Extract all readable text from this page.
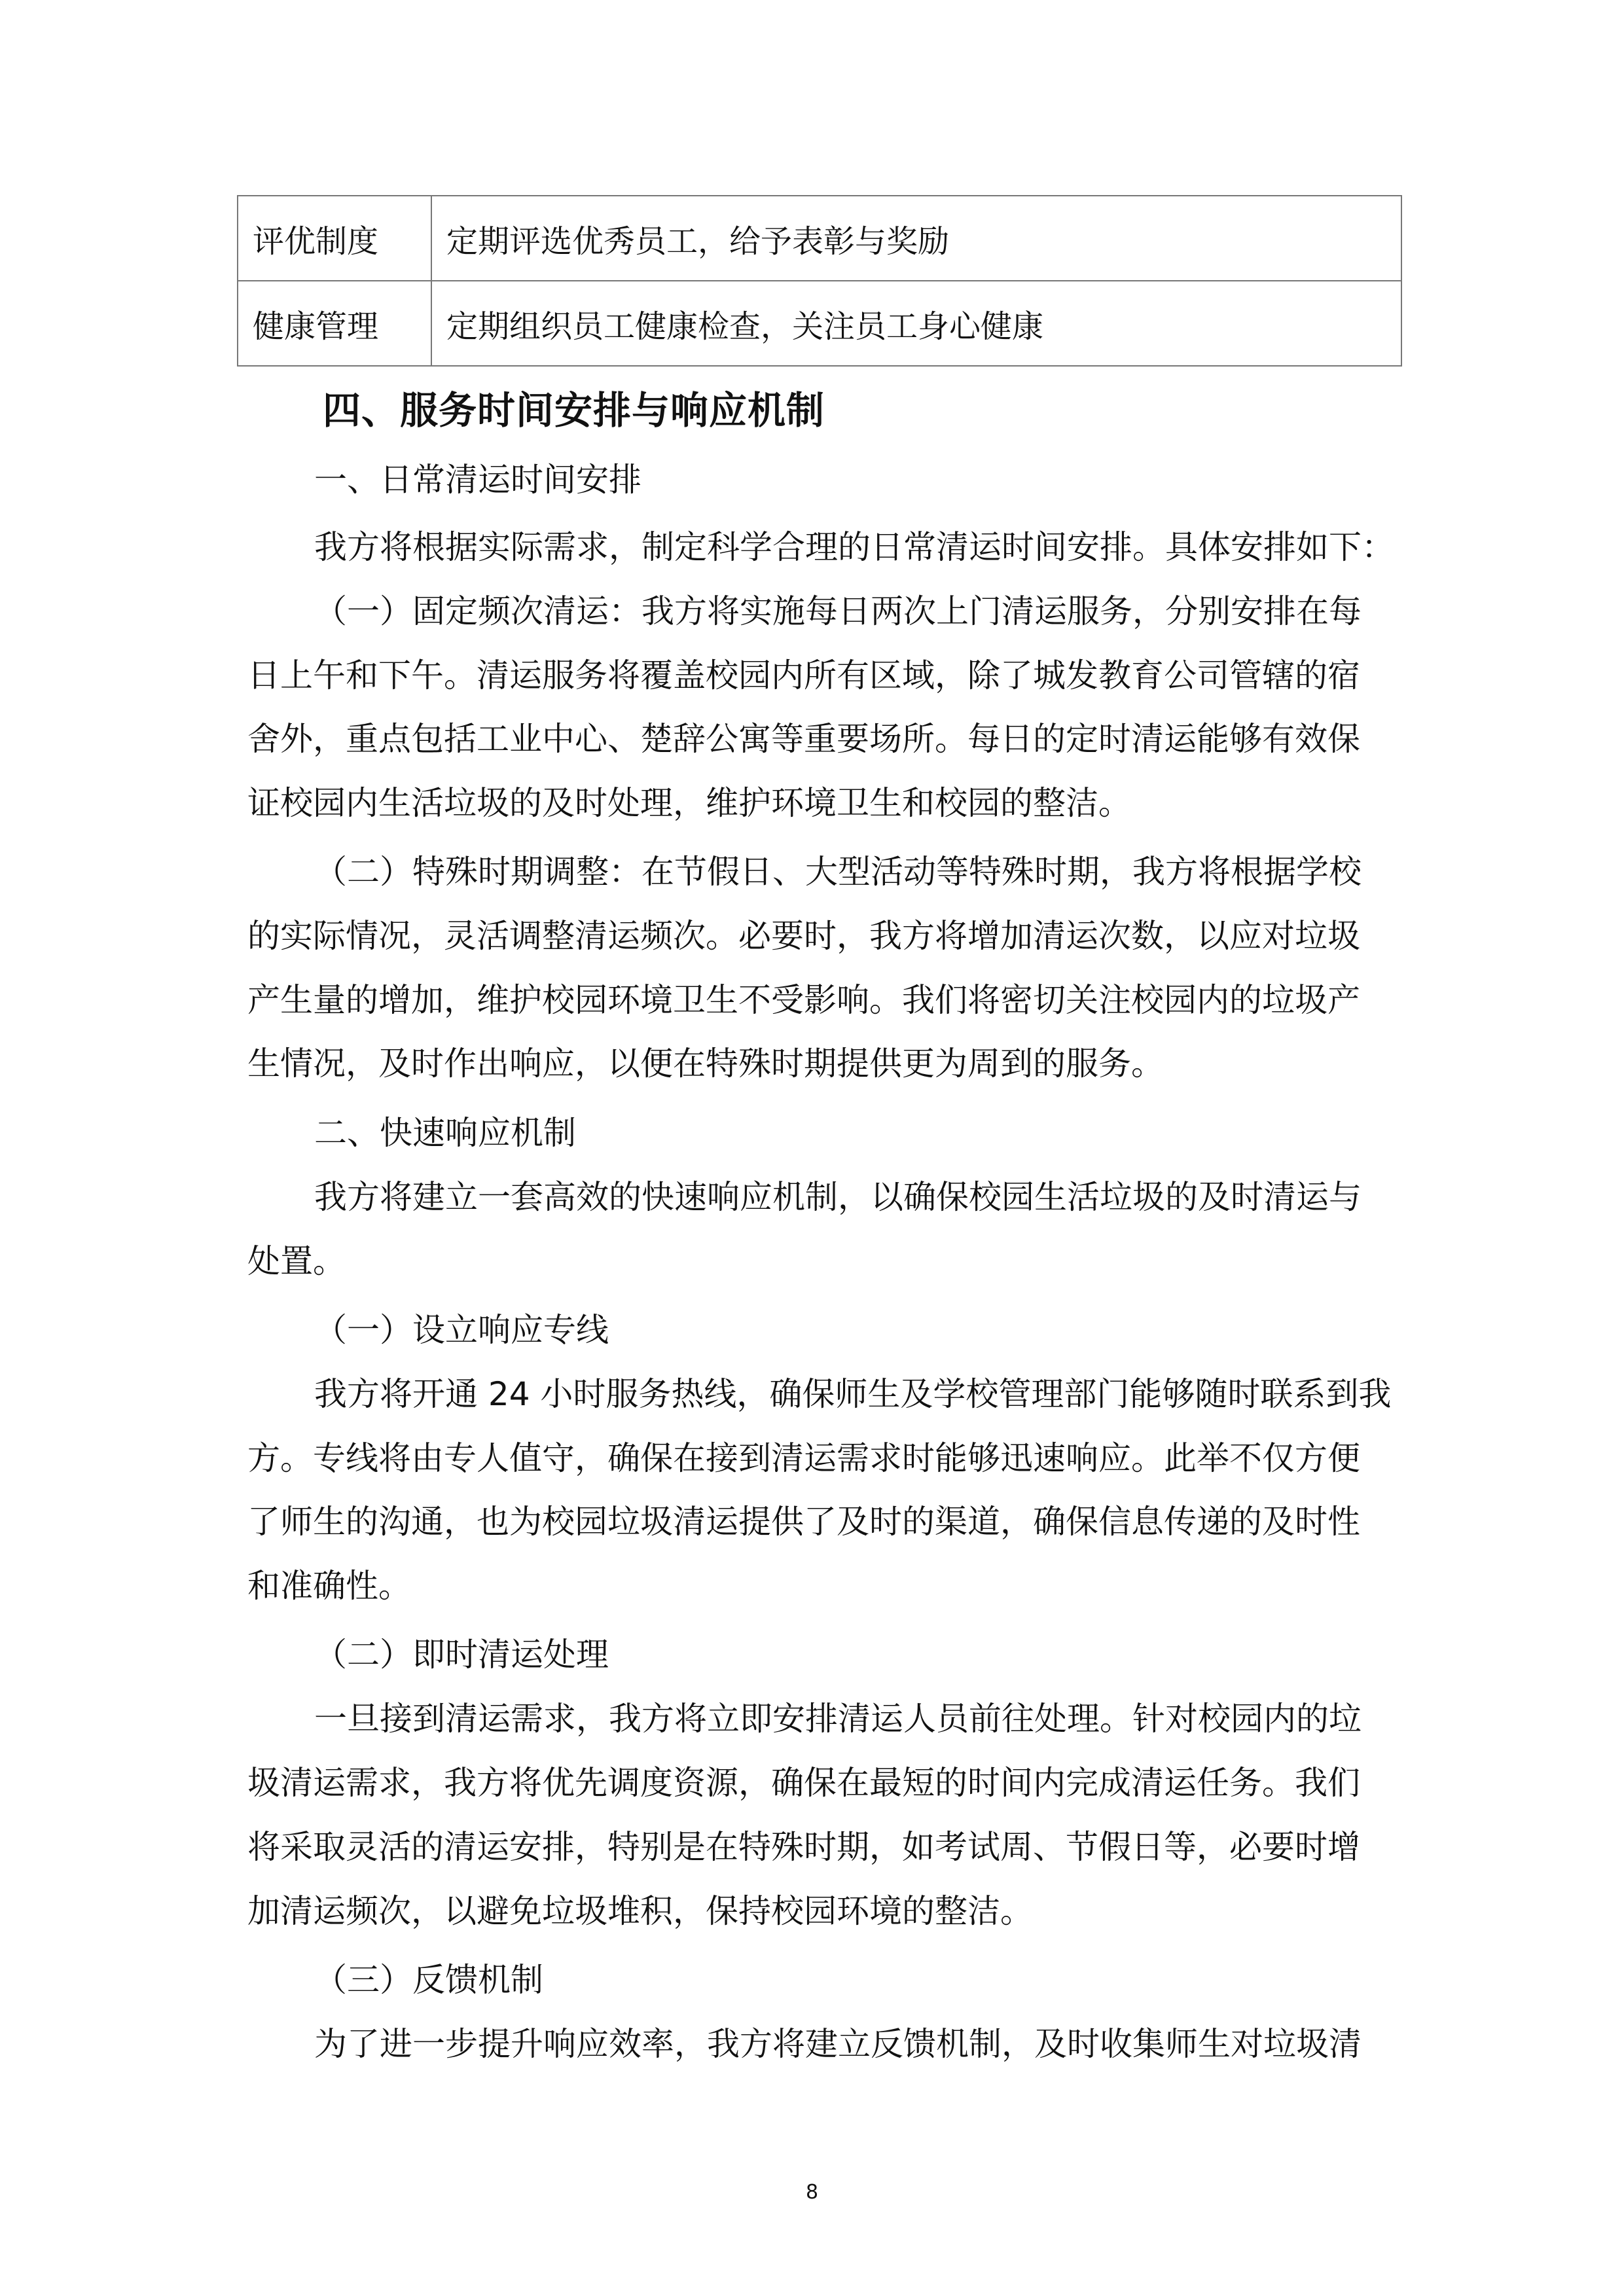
评优制度	定期评选优秀员工，给予表彰与奖励
健康管理	定期组织员工健康检查，关注员工身心健康
四、服务时间安排与响应机制
一、日常清运时间安排
我方将根据实际需求，制定科学合理的日常清运时间安排。具体安排如下：
（一）固定频次清运：我方将实施每日两次上门清运服务，分别安排在每
日上午和下午。清运服务将覆盖校园内所有区域，除了城发教育公司管辖的宿
舍外，重点包括工业中心、楚辞公寓等重要场所。每日的定时清运能够有效保
证校园内生活垃圾的及时处理，维护环境卫生和校园的整洁。
（二）特殊时期调整：在节假日、大型活动等特殊时期，我方将根据学校
的实际情况，灵活调整清运频次。必要时，我方将增加清运次数，以应对垃圾
产生量的增加，维护校园环境卫生不受影响。我们将密切关注校园内的垃圾产
生情况，及时作出响应，以便在特殊时期提供更为周到的服务。
二、快速响应机制
我方将建立一套高效的快速响应机制，以确保校园生活垃圾的及时清运与
处置。
（一）设立响应专线
我方将开通 24 小时服务热线，确保师生及学校管理部门能够随时联系到我
方。专线将由专人值守，确保在接到清运需求时能够迅速响应。此举不仅方便
了师生的沟通，也为校园垃圾清运提供了及时的渠道，确保信息传递的及时性
和准确性。
（二）即时清运处理
一旦接到清运需求，我方将立即安排清运人员前往处理。针对校园内的垃
圾清运需求，我方将优先调度资源，确保在最短的时间内完成清运任务。我们
将采取灵活的清运安排，特别是在特殊时期，如考试周、节假日等，必要时增
加清运频次，以避免垃圾堆积，保持校园环境的整洁。
（三）反馈机制
为了进一步提升响应效率，我方将建立反馈机制，及时收集师生对垃圾清
8
